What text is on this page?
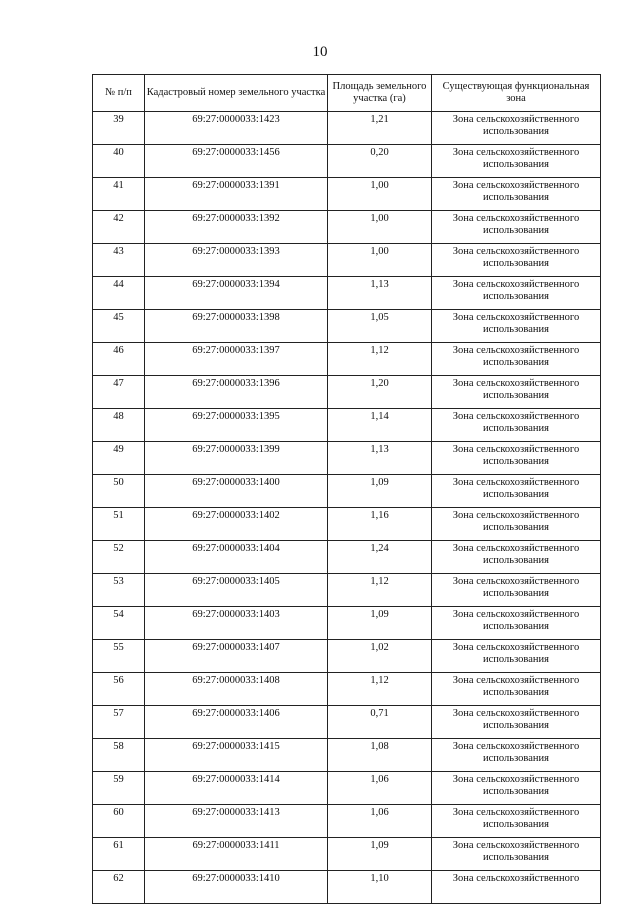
10
№ п/п	Кадастровый номер земельного участка	Площадь земельного участка (га)	Существующая функциональная зона
39	69:27:0000033:1423	1,21	Зона сельскохозяйственного использования
40	69:27:0000033:1456	0,20	Зона сельскохозяйственного использования
41	69:27:0000033:1391	1,00	Зона сельскохозяйственного использования
42	69:27:0000033:1392	1,00	Зона сельскохозяйственного использования
43	69:27:0000033:1393	1,00	Зона сельскохозяйственного использования
44	69:27:0000033:1394	1,13	Зона сельскохозяйственного использования
45	69:27:0000033:1398	1,05	Зона сельскохозяйственного использования
46	69:27:0000033:1397	1,12	Зона сельскохозяйственного использования
47	69:27:0000033:1396	1,20	Зона сельскохозяйственного использования
48	69:27:0000033:1395	1,14	Зона сельскохозяйственного использования
49	69:27:0000033:1399	1,13	Зона сельскохозяйственного использования
50	69:27:0000033:1400	1,09	Зона сельскохозяйственного использования
51	69:27:0000033:1402	1,16	Зона сельскохозяйственного использования
52	69:27:0000033:1404	1,24	Зона сельскохозяйственного использования
53	69:27:0000033:1405	1,12	Зона сельскохозяйственного использования
54	69:27:0000033:1403	1,09	Зона сельскохозяйственного использования
55	69:27:0000033:1407	1,02	Зона сельскохозяйственного использования
56	69:27:0000033:1408	1,12	Зона сельскохозяйственного использования
57	69:27:0000033:1406	0,71	Зона сельскохозяйственного использования
58	69:27:0000033:1415	1,08	Зона сельскохозяйственного использования
59	69:27:0000033:1414	1,06	Зона сельскохозяйственного использования
60	69:27:0000033:1413	1,06	Зона сельскохозяйственного использования
61	69:27:0000033:1411	1,09	Зона сельскохозяйственного использования
62	69:27:0000033:1410	1,10	Зона сельскохозяйственного
